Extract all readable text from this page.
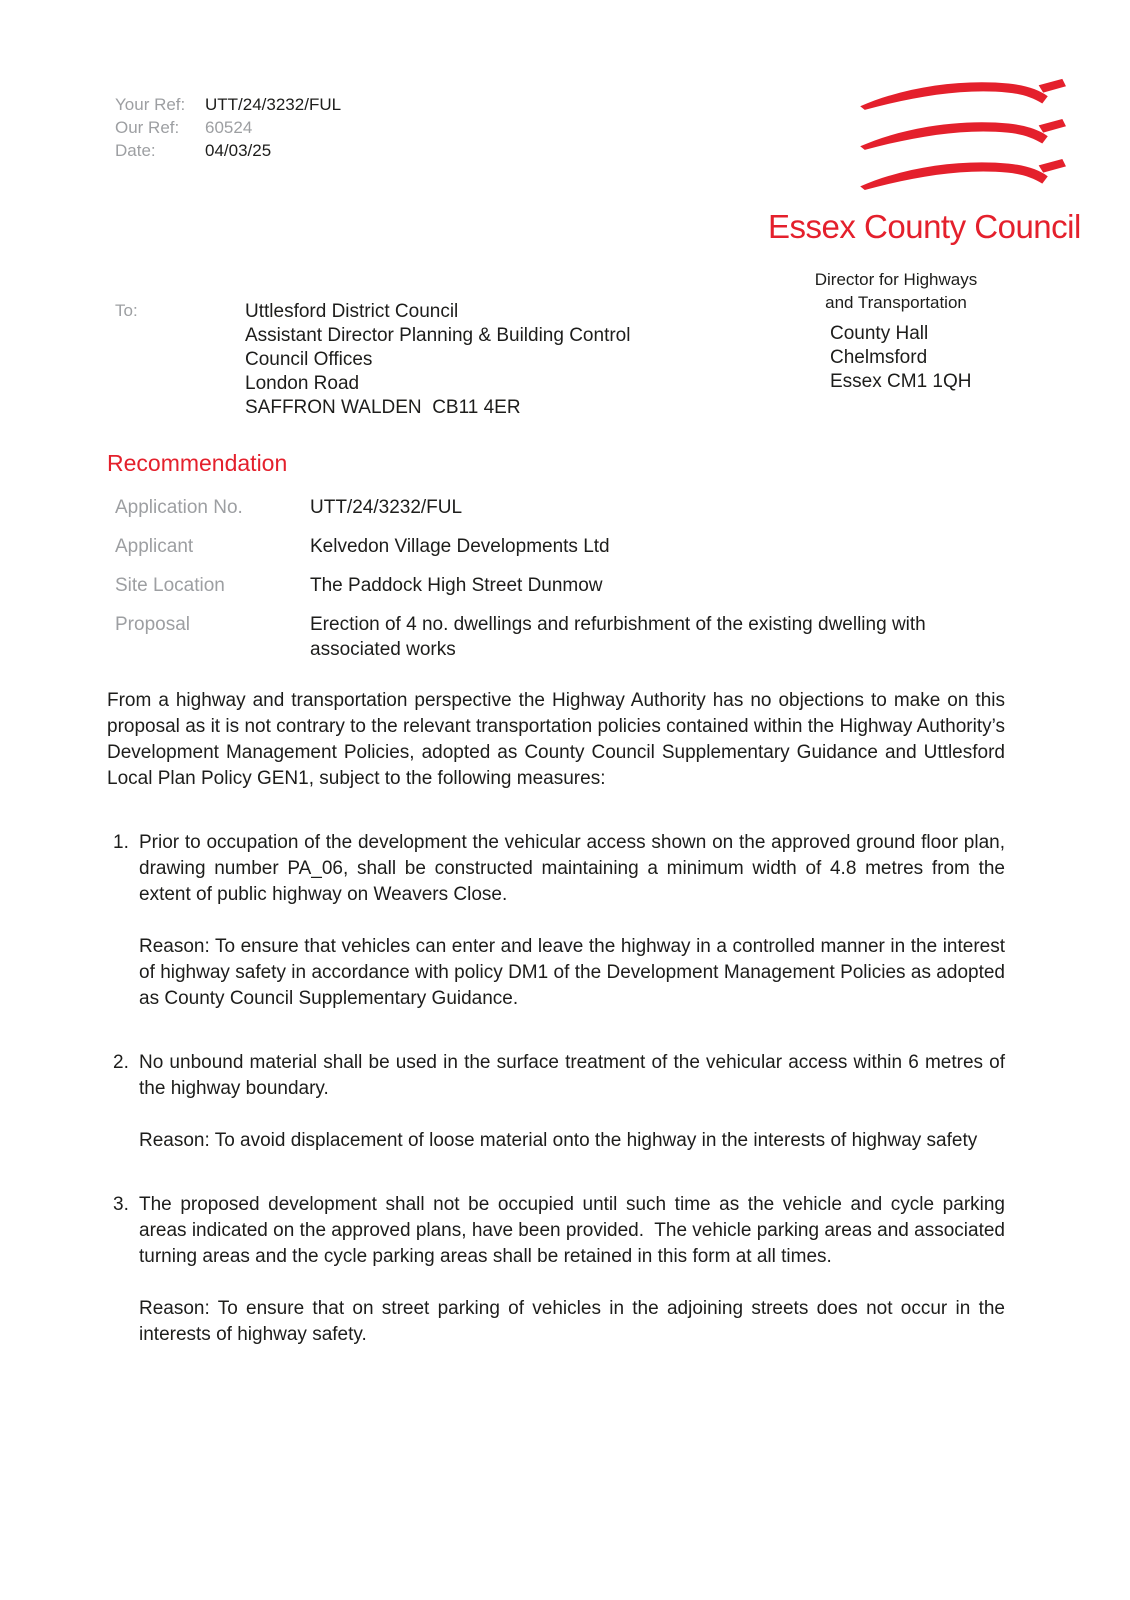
Your Ref:	UTT/24/3232/FUL
Our Ref:	60524
Date:	04/03/25
Essex County Council
Director for Highways
and Transportation
To:	Uttlesford District Council
Assistant Director Planning & Building Control
Council Offices
London Road
SAFFRON WALDEN  CB11 4ER
County Hall
Chelmsford
Essex CM1 1QH
Recommendation
Application No.	UTT/24/3232/FUL
Applicant	Kelvedon Village Developments Ltd
Site Location	The Paddock High Street Dunmow
Proposal	Erection of 4 no. dwellings and refurbishment of the existing dwelling with associated works

From a highway and transportation perspective the Highway Authority has no objections to make on this proposal as it is not contrary to the relevant transportation policies contained within the Highway Authority’s Development Management Policies, adopted as County Council Supplementary Guidance and Uttlesford Local Plan Policy GEN1, subject to the following measures:

1. Prior to occupation of the development the vehicular access shown on the approved ground floor plan, drawing number PA_06, shall be constructed maintaining a minimum width of 4.8 metres from the extent of public highway on Weavers Close.

Reason: To ensure that vehicles can enter and leave the highway in a controlled manner in the interest of highway safety in accordance with policy DM1 of the Development Management Policies as adopted as County Council Supplementary Guidance.

2. No unbound material shall be used in the surface treatment of the vehicular access within 6 metres of the highway boundary.

Reason: To avoid displacement of loose material onto the highway in the interests of highway safety

3. The proposed development shall not be occupied until such time as the vehicle and cycle parking areas indicated on the approved plans, have been provided.  The vehicle parking areas and associated turning areas and the cycle parking areas shall be retained in this form at all times.

Reason: To ensure that on street parking of vehicles in the adjoining streets does not occur in the interests of highway safety.
